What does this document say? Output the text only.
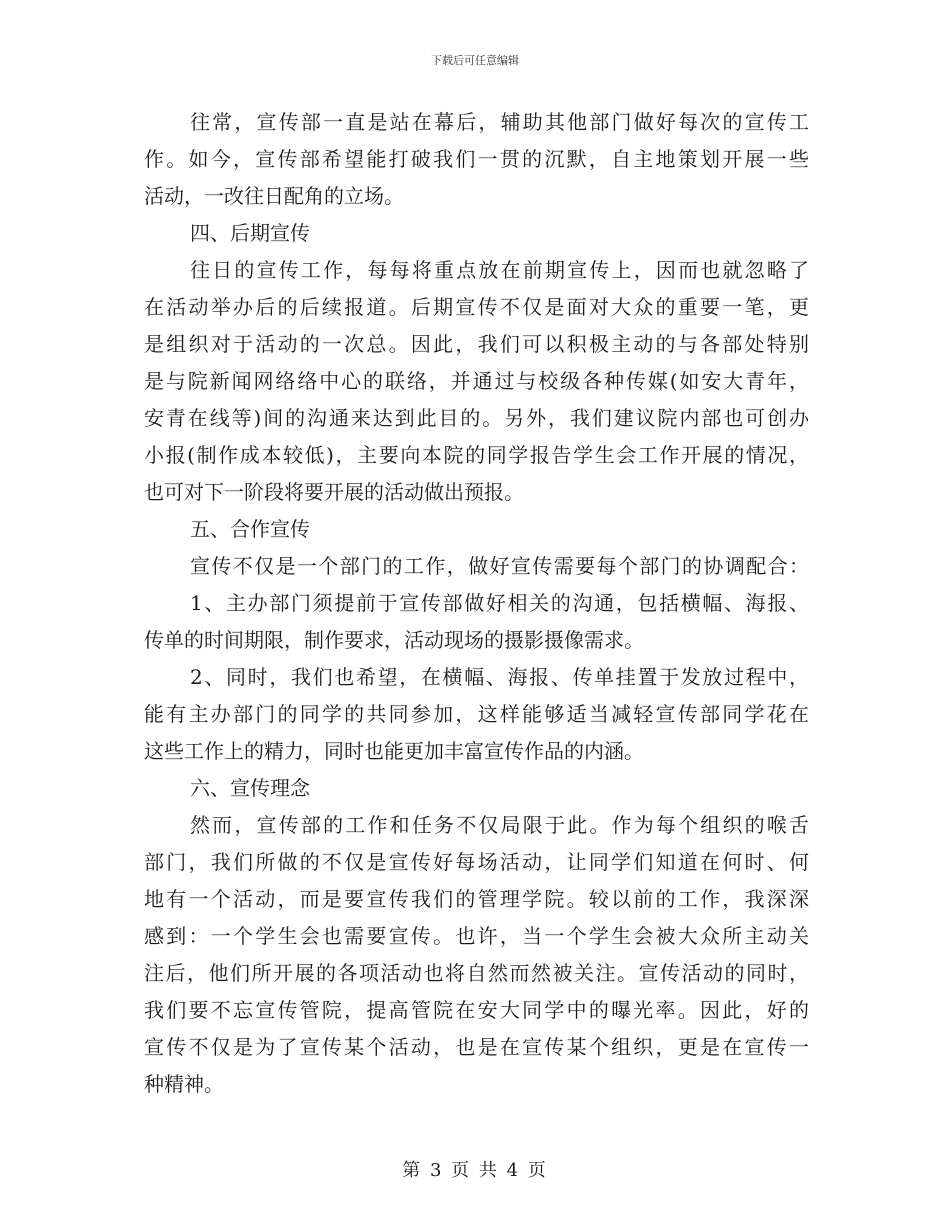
下载后可任意编辑
往常，宣传部一直是站在幕后，辅助其他部门做好每次的宣传工
作。如今，宣传部希望能打破我们一贯的沉默，自主地策划开展一些
活动，一改往日配角的立场。
四、后期宣传
往日的宣传工作，每每将重点放在前期宣传上，因而也就忽略了
在活动举办后的后续报道。后期宣传不仅是面对大众的重要一笔，更
是组织对于活动的一次总。因此，我们可以积极主动的与各部处特别
是与院新闻网络络中心的联络，并通过与校级各种传媒(如安大青年，
安青在线等)间的沟通来达到此目的。另外，我们建议院内部也可创办
小报(制作成本较低)，主要向本院的同学报告学生会工作开展的情况，
也可对下一阶段将要开展的活动做出预报。
五、合作宣传
宣传不仅是一个部门的工作，做好宣传需要每个部门的协调配合：
1、主办部门须提前于宣传部做好相关的沟通，包括横幅、海报、
传单的时间期限，制作要求，活动现场的摄影摄像需求。
2、同时，我们也希望，在横幅、海报、传单挂置于发放过程中，
能有主办部门的同学的共同参加，这样能够适当减轻宣传部同学花在
这些工作上的精力，同时也能更加丰富宣传作品的内涵。
六、宣传理念
然而，宣传部的工作和任务不仅局限于此。作为每个组织的喉舌
部门，我们所做的不仅是宣传好每场活动，让同学们知道在何时、何
地有一个活动，而是要宣传我们的管理学院。较以前的工作，我深深
感到：一个学生会也需要宣传。也许，当一个学生会被大众所主动关
注后，他们所开展的各项活动也将自然而然被关注。宣传活动的同时，
我们要不忘宣传管院，提高管院在安大同学中的曝光率。因此，好的
宣传不仅是为了宣传某个活动，也是在宣传某个组织，更是在宣传一
种精神。
第 3 页 共 4 页
